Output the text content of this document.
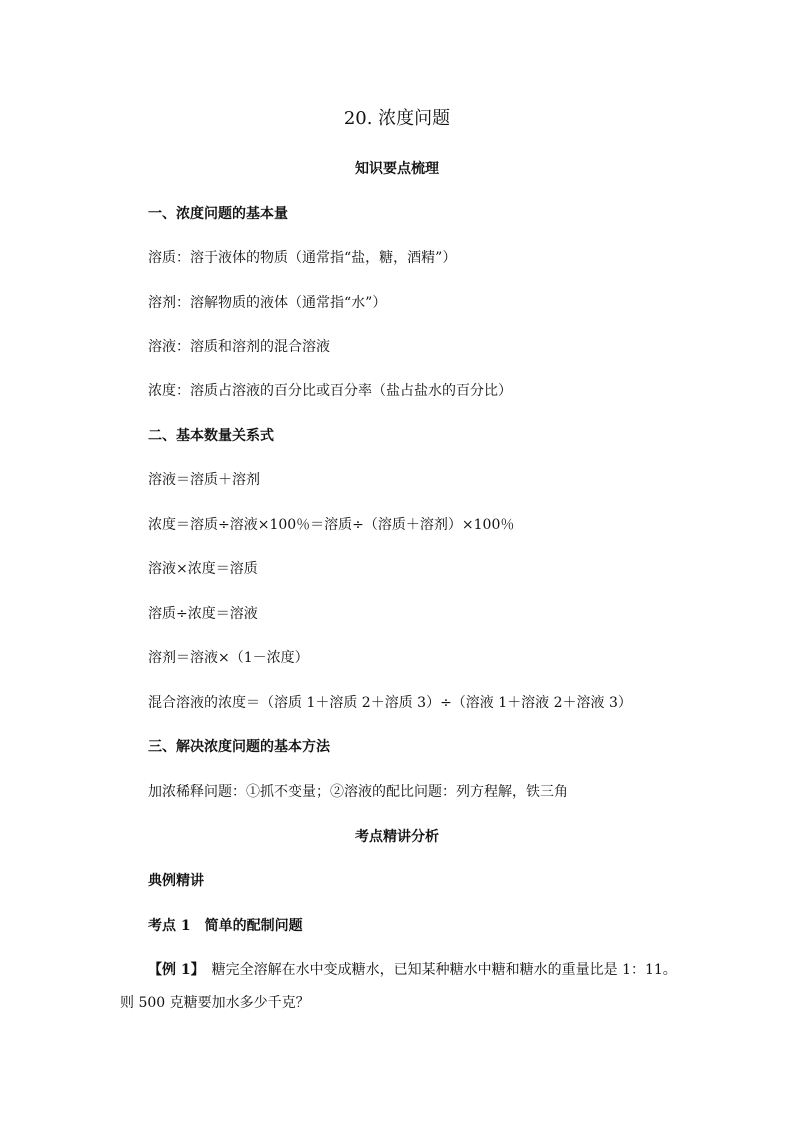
20. 浓度问题
知识要点梳理
一、浓度问题的基本量
溶质：溶于液体的物质（通常指“盐，糖，酒精”）
溶剂：溶解物质的液体（通常指“水”）
溶液：溶质和溶剂的混合溶液
浓度：溶质占溶液的百分比或百分率（盐占盐水的百分比）
二、基本数量关系式
溶液＝溶质＋溶剂
浓度＝溶质÷溶液×100％＝溶质÷（溶质＋溶剂）×100％
溶液×浓度＝溶质
溶质÷浓度＝溶液
溶剂＝溶液×（1－浓度）
混合溶液的浓度＝（溶质 1＋溶质 2＋溶质 3）÷（溶液 1＋溶液 2＋溶液 3）
三、解决浓度问题的基本方法
加浓稀释问题：①抓不变量；②溶液的配比问题：列方程解，铁三角
考点精讲分析
典例精讲
考点 1　简单的配制问题
【例 1】　糖完全溶解在水中变成糖水，已知某种糖水中糖和糖水的重量比是 1：11。
则 500 克糖要加水多少千克？
